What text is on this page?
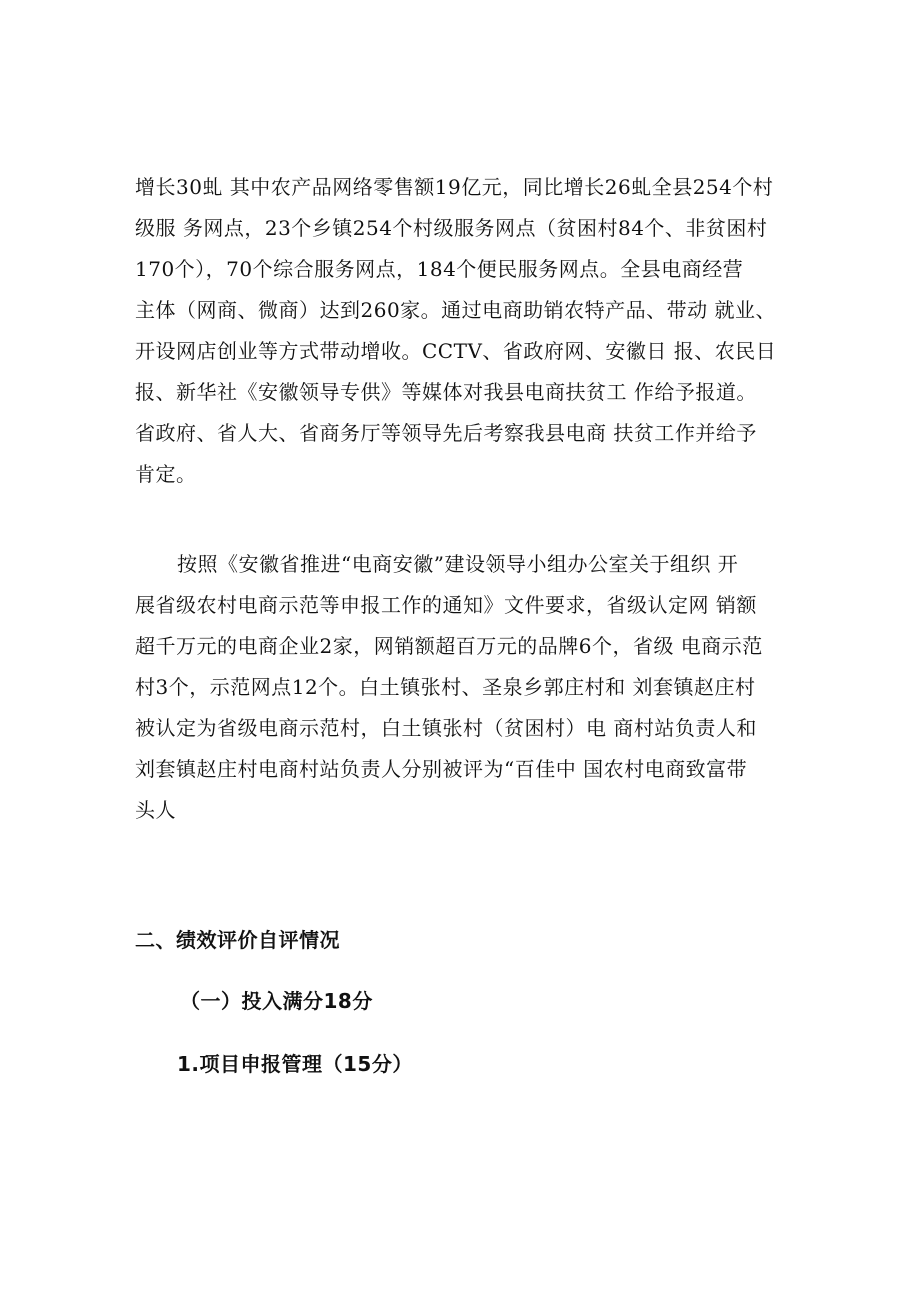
增长30虬 其中农产品网络零售额19亿元，同比增长26虬全县254个村
级服 务网点，23个乡镇254个村级服务网点（贫困村84个、非贫困村
170个），70个综合服务网点，184个便民服务网点。全县电商经营
主体（网商、微商）达到260家。通过电商助销农特产品、带动 就业、
开设网店创业等方式带动增收。CCTV、省政府网、安徽日 报、农民日
报、新华社《安徽领导专供》等媒体对我县电商扶贫工 作给予报道。
省政府、省人大、省商务厅等领导先后考察我县电商 扶贫工作并给予
肯定。

按照《安徽省推进“电商安徽”建设领导小组办公室关于组织 开
展省级农村电商示范等申报工作的通知》文件要求，省级认定网 销额
超千万元的电商企业2家，网销额超百万元的品牌6个，省级 电商示范
村3个，示范网点12个。白土镇张村、圣泉乡郭庄村和 刘套镇赵庄村
被认定为省级电商示范村，白土镇张村（贫困村）电 商村站负责人和
刘套镇赵庄村电商村站负责人分别被评为“百佳中 国农村电商致富带
头人

二、绩效评价自评情况
（一）投入满分18分
1.项目申报管理（15分）
